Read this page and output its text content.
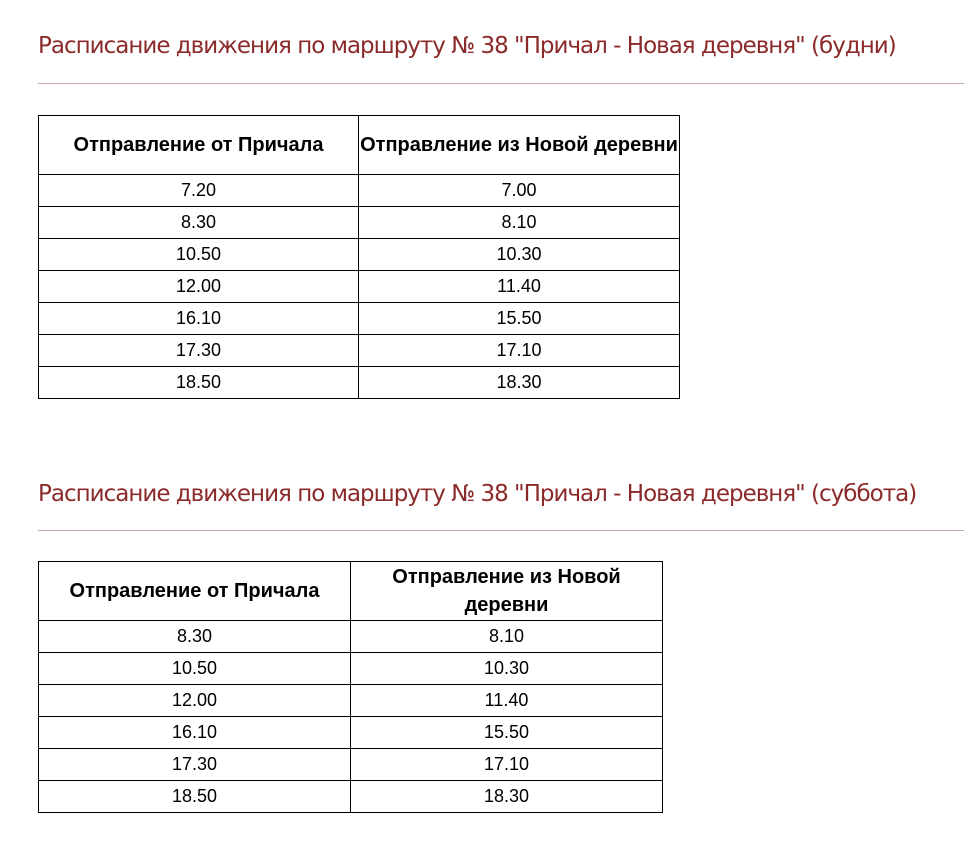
Расписание движения по маршруту № 38 "Причал - Новая деревня" (будни)
Отправление от Причала	Отправление из Новой деревни
7.20	7.00
8.30	8.10
10.50	10.30
12.00	11.40
16.10	15.50
17.30	17.10
18.50	18.30
Расписание движения по маршруту № 38 "Причал - Новая деревня" (суббота)
Отправление от Причала	Отправление из Новой деревни
8.30	8.10
10.50	10.30
12.00	11.40
16.10	15.50
17.30	17.10
18.50	18.30
